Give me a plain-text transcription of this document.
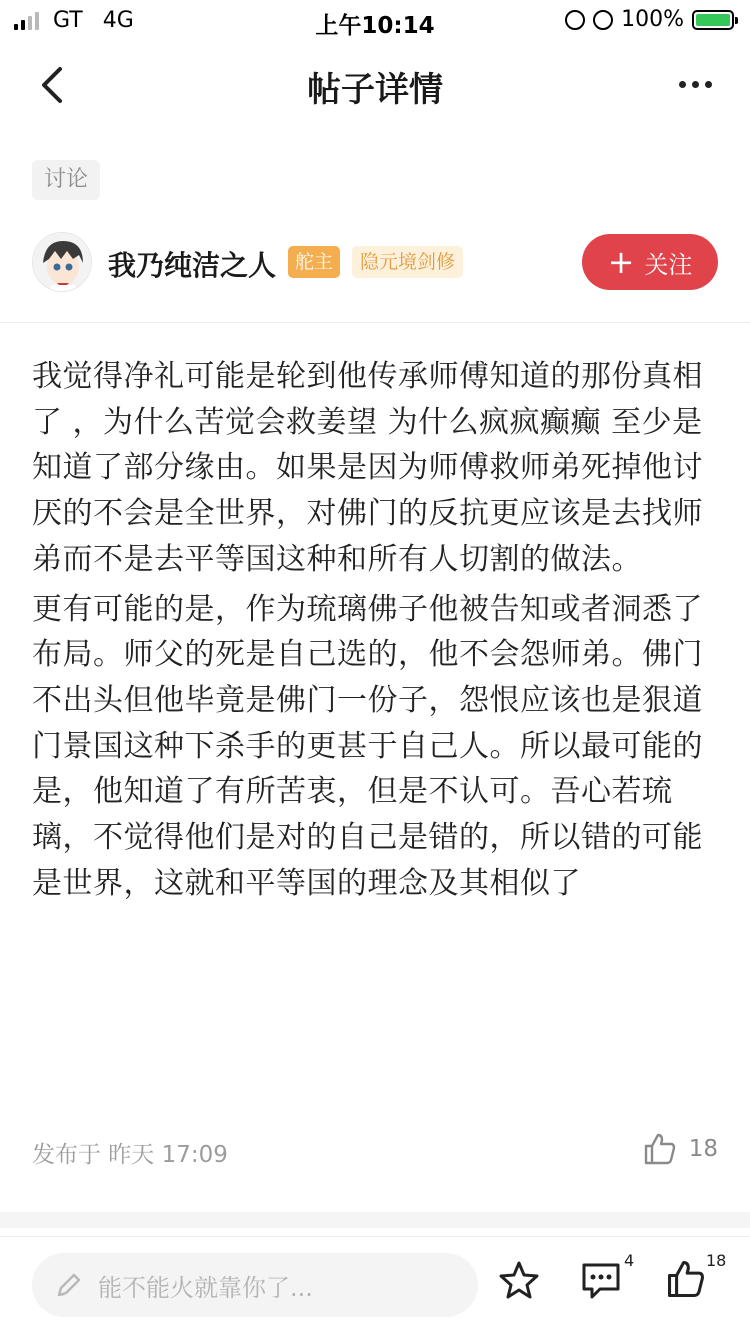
GT 4G	上午10:14	100%
帖子详情
讨论
我乃纯洁之人 舵主	隐元境剑修	+ 关注

我觉得净礼可能是轮到他传承师傅知道的那份真相了 ，为什么苦觉会救姜望 为什么疯疯癫癫 至少是知道了部分缘由。如果是因为师傅救师弟死掉他讨厌的不会是全世界，对佛门的反抗更应该是去找师弟而不是去平等国这种和所有人切割的做法。

更有可能的是，作为琉璃佛子他被告知或者洞悉了布局。师父的死是自己选的，他不会怨师弟。佛门不出头但他毕竟是佛门一份子，怨恨应该也是狠道门景国这种下杀手的更甚于自己人。所以最可能的是，他知道了有所苦衷，但是不认可。吾心若琉璃，不觉得他们是对的自己是错的，所以错的可能是世界，这就和平等国的理念及其相似了

发布于 昨天 17:09	18
能不能火就靠你了...
4	18
